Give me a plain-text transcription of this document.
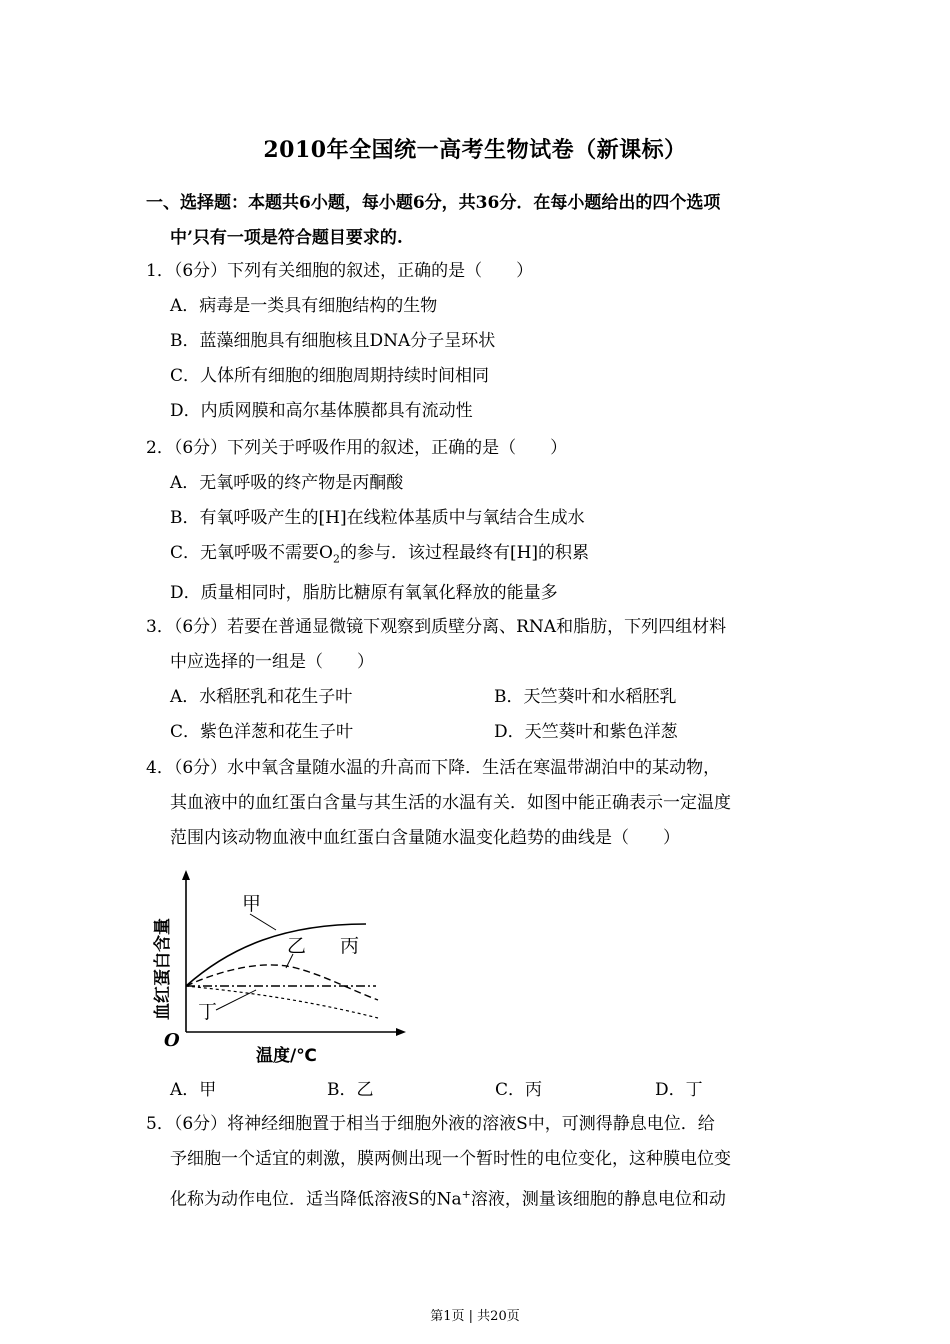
2010年全国统一高考生物试卷（新课标）
一、选择题：本题共6小题，每小题6分，共36分．在每小题给出的四个选项
中’只有一项是符合题目要求的.
1．（6分）下列有关细胞的叙述，正确的是（　　）
A．病毒是一类具有细胞结构的生物
B．蓝藻细胞具有细胞核且DNA分子呈环状
C．人体所有细胞的细胞周期持续时间相同
D．内质网膜和高尔基体膜都具有流动性
2．（6分）下列关于呼吸作用的叙述，正确的是（　　）
A．无氧呼吸的终产物是丙酮酸
B．有氧呼吸产生的[H]在线粒体基质中与氧结合生成水
C．无氧呼吸不需要$O_2$的参与．该过程最终有[H]的积累
D．质量相同时，脂肪比糖原有氧氧化释放的能量多
3．（6分）若要在普通显微镜下观察到质壁分离、RNA和脂肪，下列四组材料
中应选择的一组是（　　）
A．水稻胚乳和花生子叶	B．天竺葵叶和水稻胚乳
C．紫色洋葱和花生子叶	D．天竺葵叶和紫色洋葱
4．（6分）水中氧含量随水温的升高而下降．生活在寒温带湖泊中的某动物，
其血液中的血红蛋白含量与其生活的水温有关．如图中能正确表示一定温度
范围内该动物血液中血红蛋白含量随水温变化趋势的曲线是（　　）
甲
乙 丙
丁
O
温度/℃
血红蛋白含量
A．甲	B．乙	C．丙	D．丁
5．（6分）将神经细胞置于相当于细胞外液的溶液S中，可测得静息电位．给
予细胞一个适宜的刺激，膜两侧出现一个暂时性的电位变化，这种膜电位变
化称为动作电位．适当降低溶液S的Na+溶液，测量该细胞的静息电位和动
第1页 | 共20页
